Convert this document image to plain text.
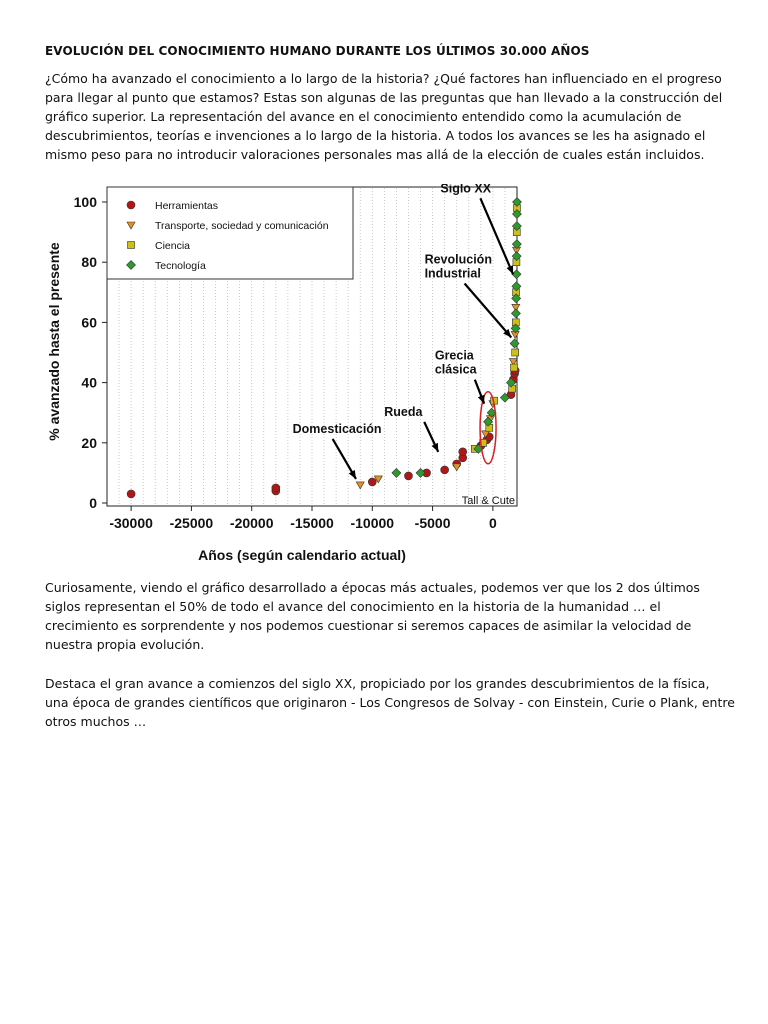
EVOLUCIÓN DEL CONOCIMIENTO HUMANO DURANTE LOS ÚLTIMOS 30.000 AÑOS

¿Cómo ha avanzado el conocimiento a lo largo de la historia? ¿Qué factores han influenciado en el progreso para llegar al punto que estamos? Estas son algunas de las preguntas que han llevado a la construcción del gráfico superior. La representación del avance en el conocimiento entendido como la acumulación de descubrimientos, teorías e invenciones a lo largo de la historia. A todos los avances se les ha asignado el mismo peso para no introducir valoraciones personales mas allá de la elección de cuales están incluidos.

-30000 -25000 -20000 -15000 -10000 -5000	0
0
20
40
60
80
100
Domesticación
Rueda
Grecia clásica
Revolución Industrial
Siglo XX
Herramientas
Transporte, sociedad y comunicación
Ciencia
Tecnología
Años (según calendario actual)
% avanzado hasta el presente
Tall & Cute

Curiosamente, viendo el gráfico desarrollado a épocas más actuales, podemos ver que los 2 dos últimos siglos representan el 50% de todo el avance del conocimiento en la historia de la humanidad … el crecimiento es sorprendente y nos podemos cuestionar si seremos capaces de asimilar la velocidad de nuestra propia evolución.

Destaca el gran avance a comienzos del siglo XX, propiciado por los grandes descubrimientos de la física, una época de grandes científicos que originaron - Los Congresos de Solvay - con Einstein, Curie o Plank, entre otros muchos …
